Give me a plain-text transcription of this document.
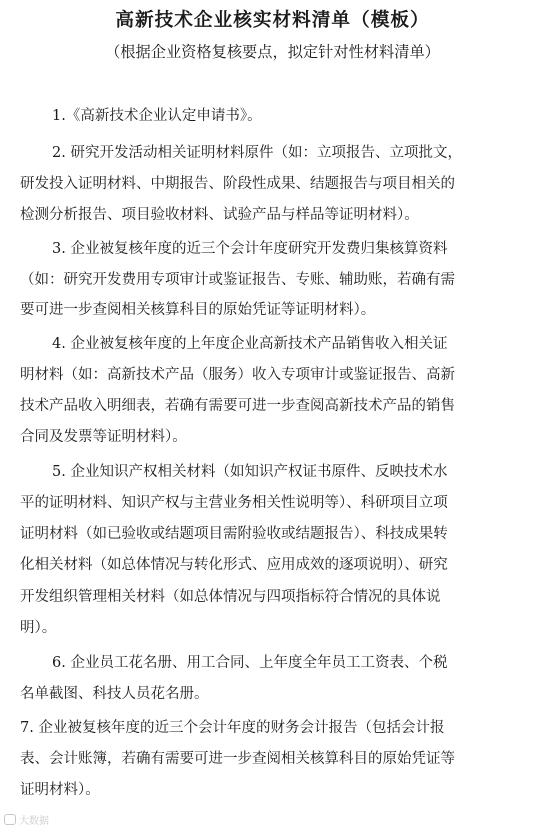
高新技术企业核实材料清单（模板）
（根据企业资格复核要点，拟定针对性材料清单）
1.《高新技术企业认定申请书》。
2. 研究开发活动相关证明材料原件（如：立项报告、立项批文，
研发投入证明材料、中期报告、阶段性成果、结题报告与项目相关的
检测分析报告、项目验收材料、试验产品与样品等证明材料）。
3. 企业被复核年度的近三个会计年度研究开发费归集核算资料
（如：研究开发费用专项审计或鉴证报告、专账、辅助账，若确有需
要可进一步查阅相关核算科目的原始凭证等证明材料）。
4. 企业被复核年度的上年度企业高新技术产品销售收入相关证
明材料（如：高新技术产品（服务）收入专项审计或鉴证报告、高新
技术产品收入明细表，若确有需要可进一步查阅高新技术产品的销售
合同及发票等证明材料）。
5. 企业知识产权相关材料（如知识产权证书原件、反映技术水
平的证明材料、知识产权与主营业务相关性说明等）、科研项目立项
证明材料（如已验收或结题项目需附验收或结题报告）、科技成果转
化相关材料（如总体情况与转化形式、应用成效的逐项说明）、研究
开发组织管理相关材料（如总体情况与四项指标符合情况的具体说
明）。
6. 企业员工花名册、用工合同、上年度全年员工工资表、个税
名单截图、科技人员花名册。
7. 企业被复核年度的近三个会计年度的财务会计报告（包括会计报
表、会计账簿，若确有需要可进一步查阅相关核算科目的原始凭证等
证明材料）。
大数据
